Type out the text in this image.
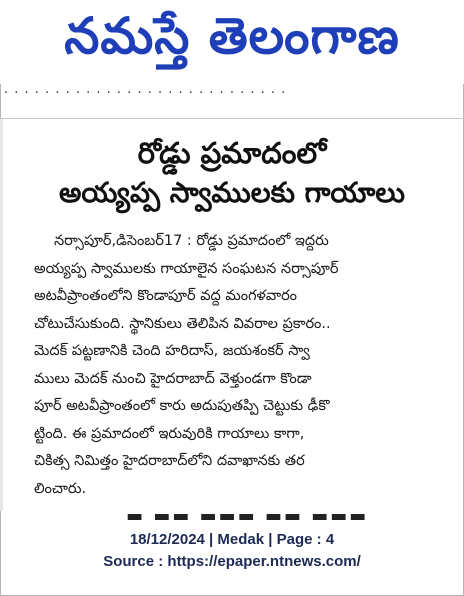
నమస్తే తెలంగాణ
· · · · · · · · · · · · · · · · · · · · · · · · · · · ·
రోడ్డు ప్రమాదంలో
అయ్యప్ప స్వాములకు గాయాలు
నర్సాపూర్,డిసెంబర్17 : రోడ్డు ప్రమాదంలో ఇద్దరు
అయ్యప్ప స్వాములకు గాయాలైన సంఘటన నర్సాపూర్
అటవీప్రాంతంలోని కొండాపూర్ వద్ద మంగళవారం
చోటుచేసుకుంది. స్థానికులు తెలిపిన వివరాల ప్రకారం..
మెదక్ పట్టణానికి చెంది హరిదాస్, జయశంకర్ స్వా
ములు మెదక్ నుంచి హైదరాబాద్ వెళ్తుండగా కొండా
పూర్ అటవీప్రాంతంలో కారు అదుపుతప్పి చెట్టుకు ఢీకొ
ట్టింది. ఈ ప్రమాదంలో ఇరువురికి గాయాలు కాగా,
చికిత్స నిమిత్తం హైదరాబాద్‌లోని దవాఖానకు తర
లించారు.
▬ ▬▬ ▬▬▬ ▬▬ ▬▬▬
18/12/2024 | Medak | Page : 4
Source : https://epaper.ntnews.com/
